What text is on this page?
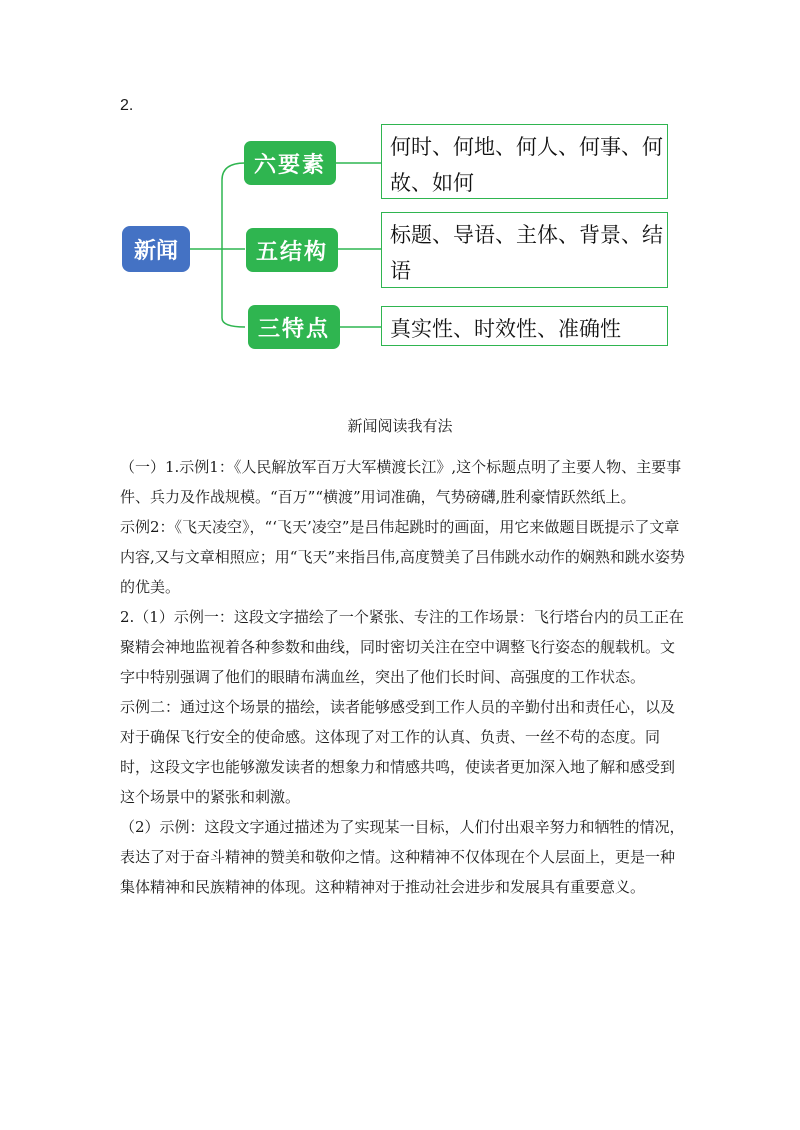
2.
新闻
六要素
五结构
三特点
何时、何地、何人、何事、何故、如何
标题、导语、主体、背景、结语
真实性、时效性、准确性
新闻阅读我有法

（一）1.示例1：《人民解放军百万大军横渡长江》,这个标题点明了主要人物、主要事件、兵力及作战规模。“百万”“横渡”用词准确，气势磅礴,胜利豪情跃然纸上。

示例2：《飞天凌空》，“‘飞天’凌空”是吕伟起跳时的画面，用它来做题目既提示了文章内容,又与文章相照应；用“飞天”来指吕伟,高度赞美了吕伟跳水动作的娴熟和跳水姿势的优美。

2.（1）示例一：这段文字描绘了一个紧张、专注的工作场景：飞行塔台内的员工正在聚精会神地监视着各种参数和曲线，同时密切关注在空中调整飞行姿态的舰载机。文字中特别强调了他们的眼睛布满血丝，突出了他们长时间、高强度的工作状态。

示例二：通过这个场景的描绘，读者能够感受到工作人员的辛勤付出和责任心，以及对于确保飞行安全的使命感。这体现了对工作的认真、负责、一丝不苟的态度。同时，这段文字也能够激发读者的想象力和情感共鸣，使读者更加深入地了解和感受到这个场景中的紧张和刺激。

（2）示例：这段文字通过描述为了实现某一目标，人们付出艰辛努力和牺牲的情况，表达了对于奋斗精神的赞美和敬仰之情。这种精神不仅体现在个人层面上，更是一种集体精神和民族精神的体现。这种精神对于推动社会进步和发展具有重要意义。
